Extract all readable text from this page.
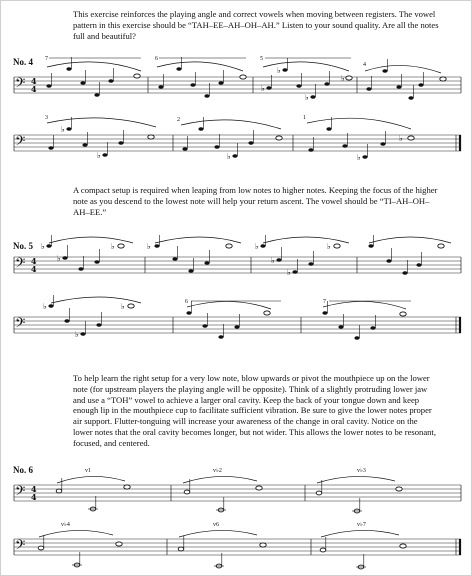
This exercise reinforces the playing angle and correct vowels when moving between registers. The vowel pattern in this exercise should be “TAH–EE–AH–OH–AH.” Listen to your sound quality. Are all the notes full and beautiful?

No. 4
𝄢 4
4
7	6	5
♭
♭
♭
♭
4
𝄢
3
♭
♭
2
♭
1
♭
♭

A compact setup is required when leaping from low notes to higher notes. Keeping the focus of the higher note as you descend to the lowest note will help your return ascent. The vowel should be “TI–AH–OH–AH–EE.”

No. 5
𝄢 4
4
♭
♭
♭	♭	♭
♭
♭
♭
𝄢
♭
♭
♭	6	7

To help learn the right setup for a very low note, blow upwards or pivot the mouthpiece up on the lower note (for upstream players the playing angle will be opposite). Think of a slightly protruding lower jaw and use a “TOH” vowel to achieve a larger oral cavity. Keep the back of your tongue down and keep enough lip in the mouthpiece cup to facilitate sufficient vibration. Be sure to give the lower notes proper air support. Flutter-tonguing will increase your awareness of the change in oral cavity. Notice on the lower notes that the oral cavity becomes longer, but not wider. This allows the lower notes to be resonant, focused, and centered.

No. 6
𝄢 4
4
v1	v♭2	v♭3
𝄢
v♭4	v6	v♭7
